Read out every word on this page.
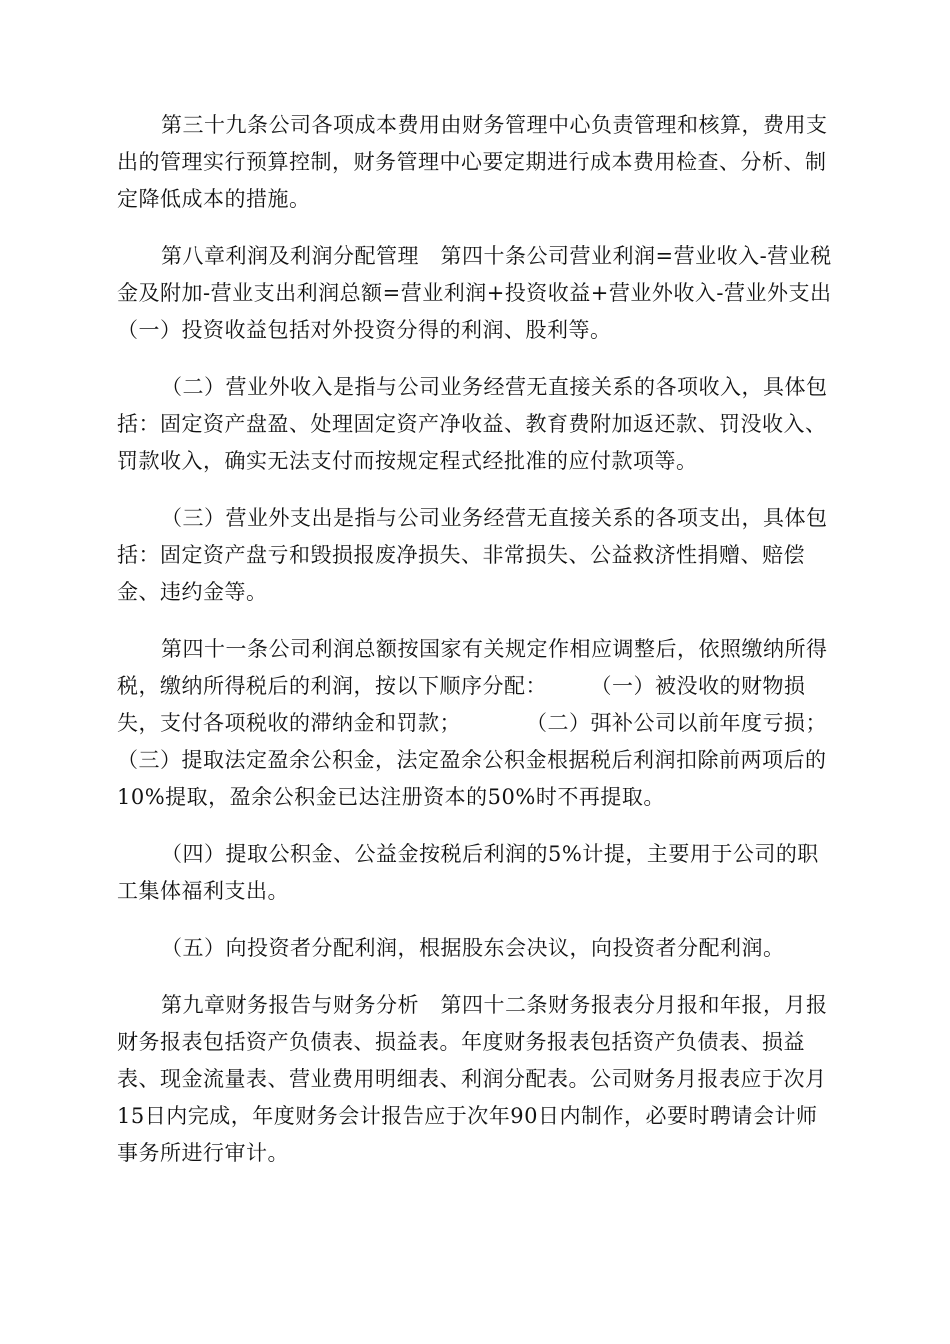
第三十九条公司各项成本费用由财务管理中心负责管理和核算，费用支出的管理实行预算控制，财务管理中心要定期进行成本费用检查、分析、制定降低成本的措施。

第八章利润及利润分配管理　第四十条公司营业利润=营业收入-营业税金及附加-营业支出利润总额=营业利润+投资收益+营业外收入-营业外支出（一）投资收益包括对外投资分得的利润、股利等。

（二）营业外收入是指与公司业务经营无直接关系的各项收入，具体包括：固定资产盘盈、处理固定资产净收益、教育费附加返还款、罚没收入、罚款收入，确实无法支付而按规定程式经批准的应付款项等。

（三）营业外支出是指与公司业务经营无直接关系的各项支出，具体包括：固定资产盘亏和毁损报废净损失、非常损失、公益救济性捐赠、赔偿金、违约金等。

第四十一条公司利润总额按国家有关规定作相应调整后，依照缴纳所得税，缴纳所得税后的利润，按以下顺序分配：　　　（一）被没收的财物损失，支付各项税收的滞纳金和罚款；　　　　（二）弭补公司以前年度亏损；　　　　（三）提取法定盈余公积金，法定盈余公积金根据税后利润扣除前两项后的10%提取，盈余公积金已达注册资本的50%时不再提取。

（四）提取公积金、公益金按税后利润的5%计提，主要用于公司的职工集体福利支出。

（五）向投资者分配利润，根据股东会决议，向投资者分配利润。

第九章财务报告与财务分析　第四十二条财务报表分月报和年报，月报财务报表包括资产负债表、损益表。年度财务报表包括资产负债表、损益表、现金流量表、营业费用明细表、利润分配表。公司财务月报表应于次月15日内完成，年度财务会计报告应于次年90日内制作，必要时聘请会计师事务所进行审计。
